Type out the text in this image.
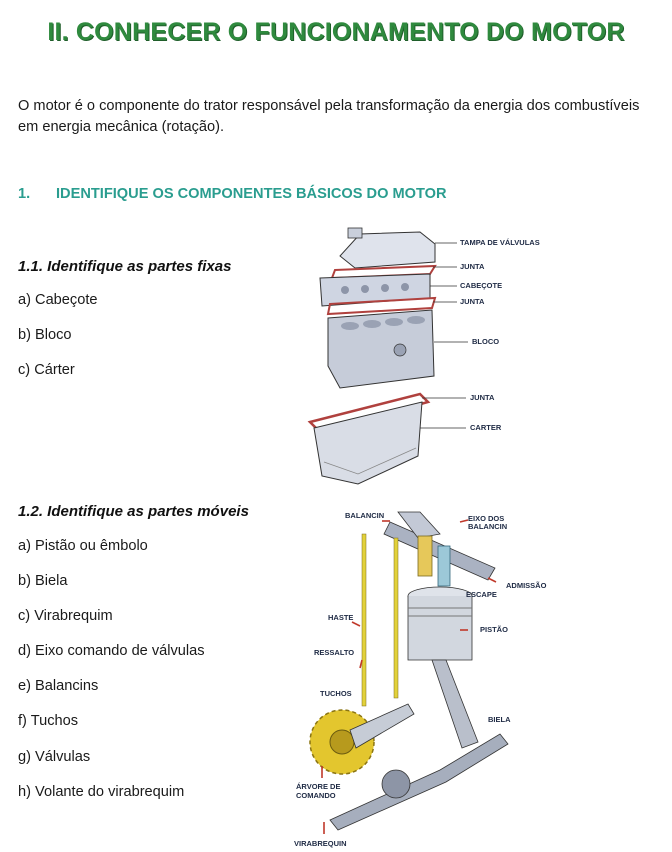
II. CONHECER O FUNCIONAMENTO DO MOTOR
O motor é o componente do trator responsável pela transformação da energia dos combustíveis em energia mecânica (rotação).
1. IDENTIFIQUE OS COMPONENTES BÁSICOS DO MOTOR
1.1. Identifique as partes fixas
a) Cabeçote
b) Bloco
c) Cárter
1.2. Identifique as partes móveis
a) Pistão ou êmbolo
b) Biela
c) Virabrequim
d) Eixo comando de válvulas
e) Balancins
f) Tuchos
g) Válvulas
h) Volante do virabrequim
TAMPA DE VÁLVULAS
JUNTA
CABEÇOTE
JUNTA
BLOCO
JUNTA
CARTER
BALANCIN	EIXO DOS
BALANCIN
ADMISSÃO
ESCAPE
HASTE
PISTÃO
RESSALTO
TUCHOS
BIELA
ÁRVORE DE
COMANDO
VIRABREQUIN
